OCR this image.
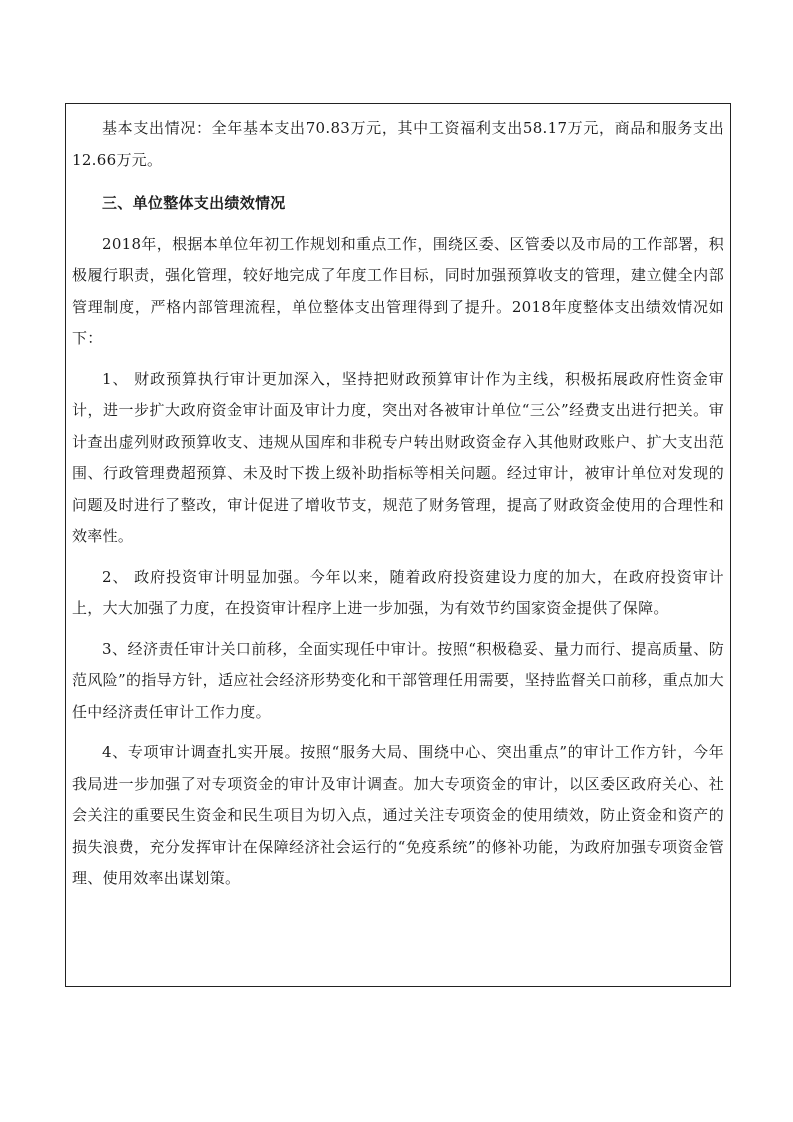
基本支出情况：全年基本支出70.83万元，其中工资福利支出58.17万元，商品和服务支出12.66万元。

三、单位整体支出绩效情况

2018年，根据本单位年初工作规划和重点工作，围绕区委、区管委以及市局的工作部署，积极履行职责，强化管理，较好地完成了年度工作目标，同时加强预算收支的管理，建立健全内部管理制度，严格内部管理流程，单位整体支出管理得到了提升。2018年度整体支出绩效情况如下：

1、 财政预算执行审计更加深入，坚持把财政预算审计作为主线，积极拓展政府性资金审计，进一步扩大政府资金审计面及审计力度，突出对各被审计单位“三公”经费支出进行把关。审计查出虚列财政预算收支、违规从国库和非税专户转出财政资金存入其他财政账户、扩大支出范围、行政管理费超预算、未及时下拨上级补助指标等相关问题。经过审计，被审计单位对发现的问题及时进行了整改，审计促进了增收节支，规范了财务管理，提高了财政资金使用的合理性和效率性。

2、 政府投资审计明显加强。今年以来，随着政府投资建设力度的加大，在政府投资审计上，大大加强了力度，在投资审计程序上进一步加强，为有效节约国家资金提供了保障。

3、经济责任审计关口前移，全面实现任中审计。按照“积极稳妥、量力而行、提高质量、防范风险”的指导方针，适应社会经济形势变化和干部管理任用需要，坚持监督关口前移，重点加大任中经济责任审计工作力度。

4、专项审计调查扎实开展。按照“服务大局、围绕中心、突出重点”的审计工作方针，今年我局进一步加强了对专项资金的审计及审计调查。加大专项资金的审计，以区委区政府关心、社会关注的重要民生资金和民生项目为切入点，通过关注专项资金的使用绩效，防止资金和资产的损失浪费，充分发挥审计在保障经济社会运行的“免疫系统”的修补功能，为政府加强专项资金管理、使用效率出谋划策。
